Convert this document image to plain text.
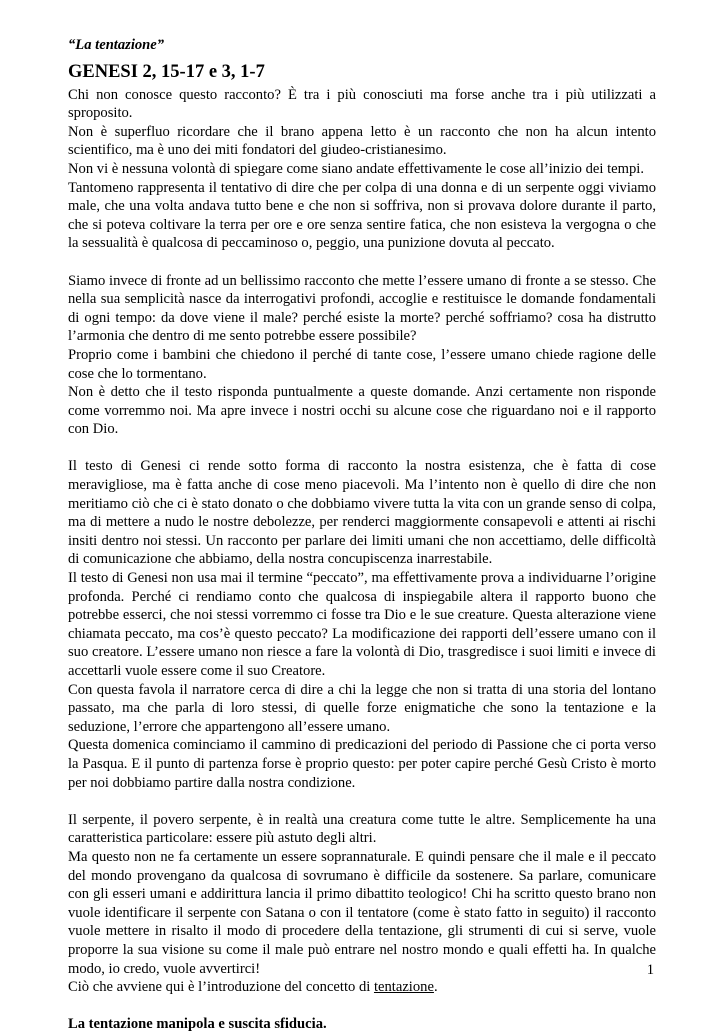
“La tentazione”
GENESI 2, 15-17 e 3, 1-7

Chi non conosce questo racconto? È tra i più conosciuti ma forse anche tra i più utilizzati a sproposito.

Non è superfluo ricordare che il brano appena letto è un racconto che non ha alcun intento scientifico, ma è uno dei miti fondatori del giudeo-cristianesimo.

Non vi è nessuna volontà di spiegare come siano andate effettivamente le cose all’inizio dei tempi.

Tantomeno rappresenta il tentativo di dire che per colpa di una donna e di un serpente oggi viviamo male, che una volta andava tutto bene e che non si soffriva, non si provava dolore durante il parto, che si poteva coltivare la terra per ore e ore senza sentire fatica, che non esisteva la vergogna o che la sessualità è qualcosa di peccaminoso o, peggio, una punizione dovuta al peccato.

Siamo invece di fronte ad un bellissimo racconto che mette l’essere umano di fronte a se stesso. Che nella sua semplicità nasce da interrogativi profondi, accoglie e restituisce le domande fondamentali di ogni tempo: da dove viene il male? perché esiste la morte? perché soffriamo? cosa ha distrutto l’armonia che dentro di me sento potrebbe essere possibile?

Proprio come i bambini che chiedono il perché di tante cose, l’essere umano chiede ragione delle cose che lo tormentano.

Non è detto che il testo risponda puntualmente a queste domande. Anzi certamente non risponde come vorremmo noi. Ma apre invece i nostri occhi su alcune cose che riguardano noi e il rapporto con Dio.

Il testo di Genesi ci rende sotto forma di racconto la nostra esistenza, che è fatta di cose meravigliose, ma è fatta anche di cose meno piacevoli. Ma l’intento non è quello di dire che non meritiamo ciò che ci è stato donato o che dobbiamo vivere tutta la vita con un grande senso di colpa, ma di mettere a nudo le nostre debolezze, per renderci maggiormente consapevoli e attenti ai rischi insiti dentro noi stessi. Un racconto per parlare dei limiti umani che non accettiamo, delle difficoltà di comunicazione che abbiamo, della nostra concupiscenza inarrestabile.

Il testo di Genesi non usa mai il termine “peccato”, ma effettivamente prova a individuarne l’origine profonda. Perché ci rendiamo conto che qualcosa di inspiegabile altera il rapporto buono che potrebbe esserci, che noi stessi vorremmo ci fosse tra Dio e le sue creature. Questa alterazione viene chiamata peccato, ma cos’è questo peccato? La modificazione dei rapporti dell’essere umano con il suo creatore. L’essere umano non riesce a fare la volontà di Dio, trasgredisce i suoi limiti e invece di accettarli vuole essere come il suo Creatore.

Con questa favola il narratore cerca di dire a chi la legge che non si tratta di una storia del lontano passato, ma che parla di loro stessi, di quelle forze enigmatiche che sono la tentazione e la seduzione, l’errore che appartengono all’essere umano.

Questa domenica cominciamo il cammino di predicazioni del periodo di Passione che ci porta verso la Pasqua. E il punto di partenza forse è proprio questo: per poter capire perché Gesù Cristo è morto per noi dobbiamo partire dalla nostra condizione.

Il serpente, il povero serpente, è in realtà una creatura come tutte le altre. Semplicemente ha una caratteristica particolare: essere più astuto degli altri.

Ma questo non ne fa certamente un essere soprannaturale. E quindi pensare che il male e il peccato del mondo provengano da qualcosa di sovrumano è difficile da sostenere. Sa parlare, comunicare con gli esseri umani e addirittura lancia il primo dibattito teologico! Chi ha scritto questo brano non vuole identificare il serpente con Satana o con il tentatore (come è stato fatto in seguito) il racconto vuole mettere in risalto il modo di procedere della tentazione, gli strumenti di cui si serve, vuole proporre la sua visione su come il male può entrare nel nostro mondo e quali effetti ha. In qualche modo, io credo, vuole avvertirci!

Ciò che avviene qui è l’introduzione del concetto di tentazione.

La tentazione manipola e suscita sfiducia.
1
